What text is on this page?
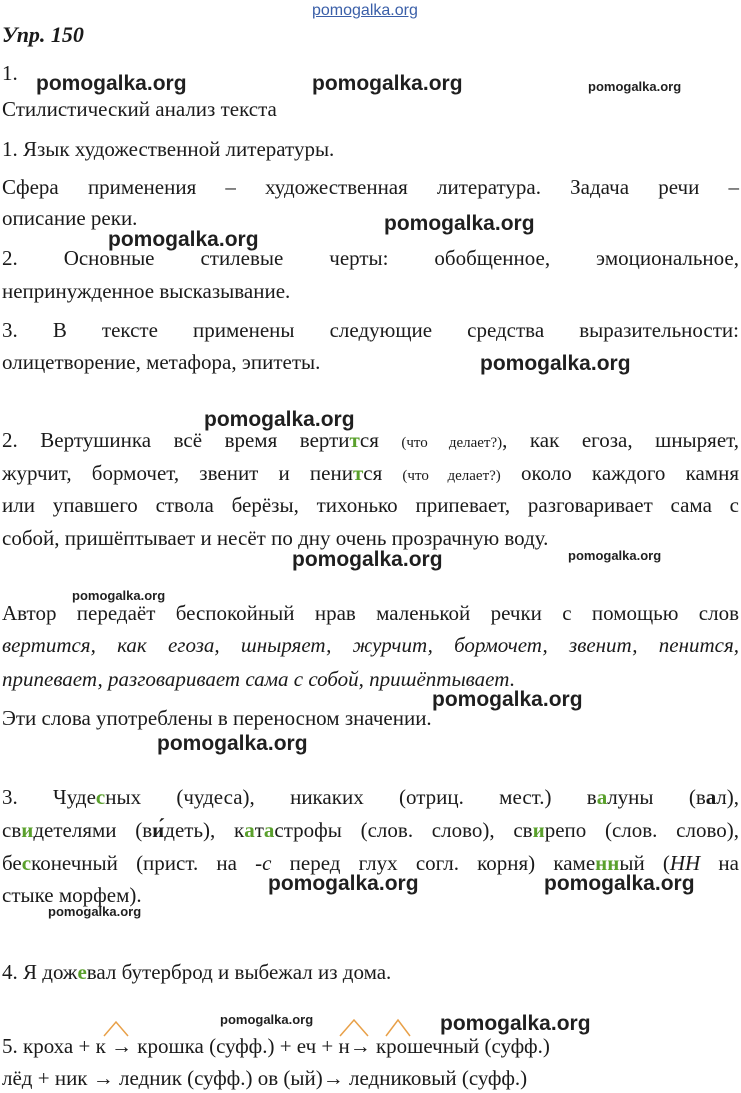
pomogalka.org
pomogalka.org	pomogalka.org	pomogalka.org
pomogalka.org
pomogalka.org
pomogalka.org
pomogalka.org
pomogalka.org	pomogalka.org
pomogalka.org
pomogalka.org
pomogalka.org
pomogalka.org	pomogalka.org
pomogalka.org
pomogalka.org	pomogalka.org
Упр. 150
1.
Стилистический анализ текста
1. Язык художественной литературы.
Сфера применения – художественная литература. Задача речи –
описание реки.
2. Основные стилевые черты: обобщенное, эмоциональное,
непринужденное высказывание.
3. В тексте применены следующие средства выразительности:
олицетворение, метафора, эпитеты.
2. Вертушинка всё время вертится (что делает?), как егоза, шныряет,
журчит, бормочет, звенит и пенится (что делает?) около каждого камня
или упавшего ствола берёзы, тихонько припевает, разговаривает сама с
собой, пришёптывает и несёт по дну очень прозрачную воду.
Автор передаёт беспокойный нрав маленькой речки с помощью слов
вертится, как егоза, шныряет, журчит, бормочет, звенит, пенится,
припевает, разговаривает сама с собой, пришёптывает.
Эти слова употреблены в переносном значении.
3. Чудесных (чудеса), никаких (отриц. мест.) валуны (вал),
свидетелями (ви́деть), катастрофы (слов. слово), свирепо (слов. слово),
бесконечный (прист. на -с перед глух согл. корня) каменный (НН на
стыке морфем).
4. Я дожевал бутерброд и выбежал из дома.
5. кроха + к → крошка (суфф.) + еч + н→ крошечный (суфф.)
лёд + ник → ледник (суфф.) ов (ый)→ ледниковый (суфф.)
